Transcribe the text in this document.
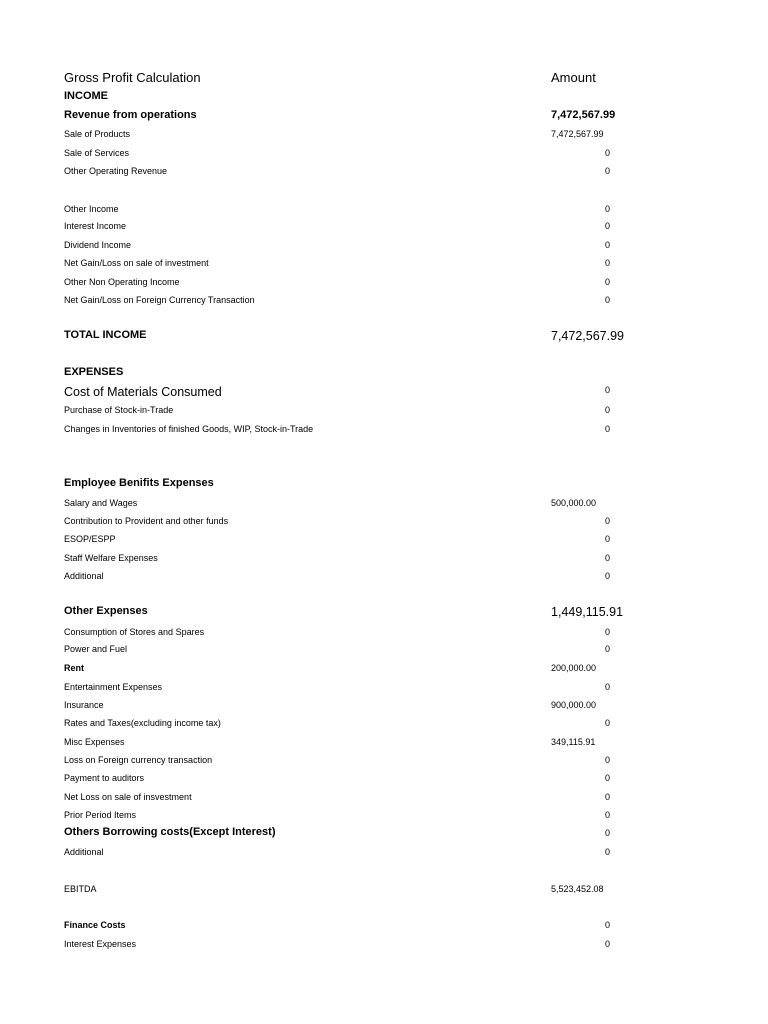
Gross Profit Calculation	Amount
INCOME
Revenue from operations	7,472,567.99
Sale of Products	7,472,567.99
Sale of Services	0
Other Operating Revenue	0
Other Income	0
Interest Income	0
Dividend Income	0
Net Gain/Loss on sale of investment	0
Other Non Operating Income	0
Net Gain/Loss on Foreign Currency Transaction	0
TOTAL INCOME	7,472,567.99
EXPENSES
Cost of Materials Consumed	0
Purchase of Stock-in-Trade	0
Changes in Inventories of finished Goods, WIP, Stock-in-Trade	0
Employee Benifits Expenses
Salary and Wages	500,000.00
Contribution to Provident and other funds	0
ESOP/ESPP	0
Staff Welfare Expenses	0
Additional	0
Other Expenses	1,449,115.91
Consumption of Stores and Spares	0
Power and Fuel	0
Rent	200,000.00
Entertainment Expenses	0
Insurance	900,000.00
Rates and Taxes(excluding income tax)	0
Misc Expenses	349,115.91
Loss on Foreign currency transaction	0
Payment to auditors	0
Net Loss on sale of insvestment	0
Prior Period Items	0
Others Borrowing costs(Except Interest)	0
Additional	0
EBITDA	5,523,452.08
Finance Costs	0
Interest Expenses	0
